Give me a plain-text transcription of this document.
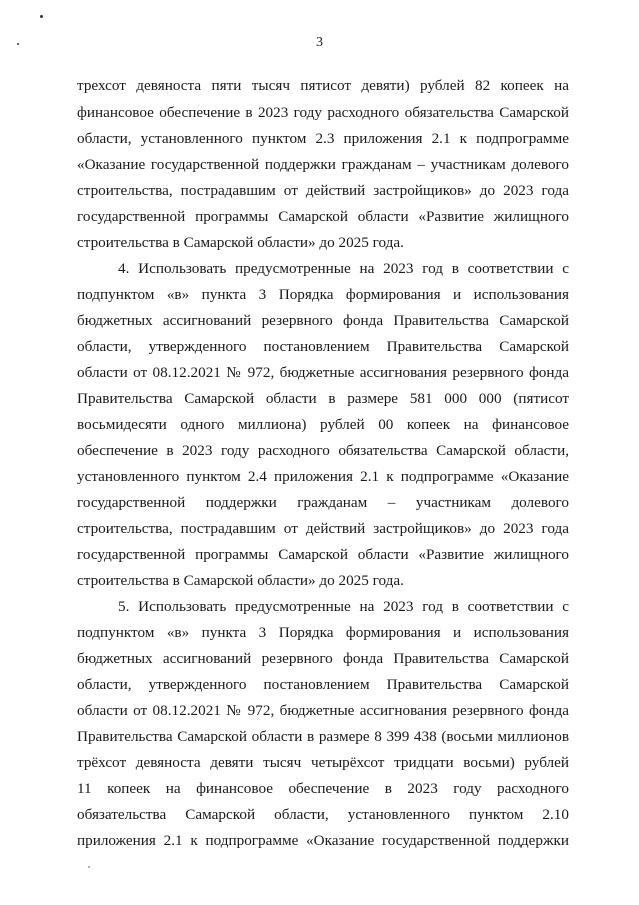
3
трехсот девяноста пяти тысяч пятисот девяти) рублей 82 копеек на
финансовое обеспечение в 2023 году расходного обязательства Самарской
области, установленного пунктом 2.3 приложения 2.1 к подпрограмме
«Оказание государственной поддержки гражданам – участникам долевого
строительства, пострадавшим от действий застройщиков» до 2023 года
государственной программы Самарской области «Развитие жилищного
строительства в Самарской области» до 2025 года.
4. Использовать предусмотренные на 2023 год в соответствии с
подпунктом «в» пункта 3 Порядка формирования и использования
бюджетных ассигнований резервного фонда Правительства Самарской
области, утвержденного постановлением Правительства Самарской
области от 08.12.2021 № 972, бюджетные ассигнования резервного фонда
Правительства Самарской области в размере 581 000 000 (пятисот
восьмидесяти одного миллиона) рублей 00 копеек на финансовое
обеспечение в 2023 году расходного обязательства Самарской области,
установленного пунктом 2.4 приложения 2.1 к подпрограмме «Оказание
государственной поддержки гражданам – участникам долевого
строительства, пострадавшим от действий застройщиков» до 2023 года
государственной программы Самарской области «Развитие жилищного
строительства в Самарской области» до 2025 года.
5. Использовать предусмотренные на 2023 год в соответствии с
подпунктом «в» пункта 3 Порядка формирования и использования
бюджетных ассигнований резервного фонда Правительства Самарской
области, утвержденного постановлением Правительства Самарской
области от 08.12.2021 № 972, бюджетные ассигнования резервного фонда
Правительства Самарской области в размере 8 399 438 (восьми миллионов
трёхсот девяноста девяти тысяч четырёхсот тридцати восьми) рублей
11 копеек на финансовое обеспечение в 2023 году расходного
обязательства Самарской области, установленного пунктом 2.10
приложения 2.1 к подпрограмме «Оказание государственной поддержки
